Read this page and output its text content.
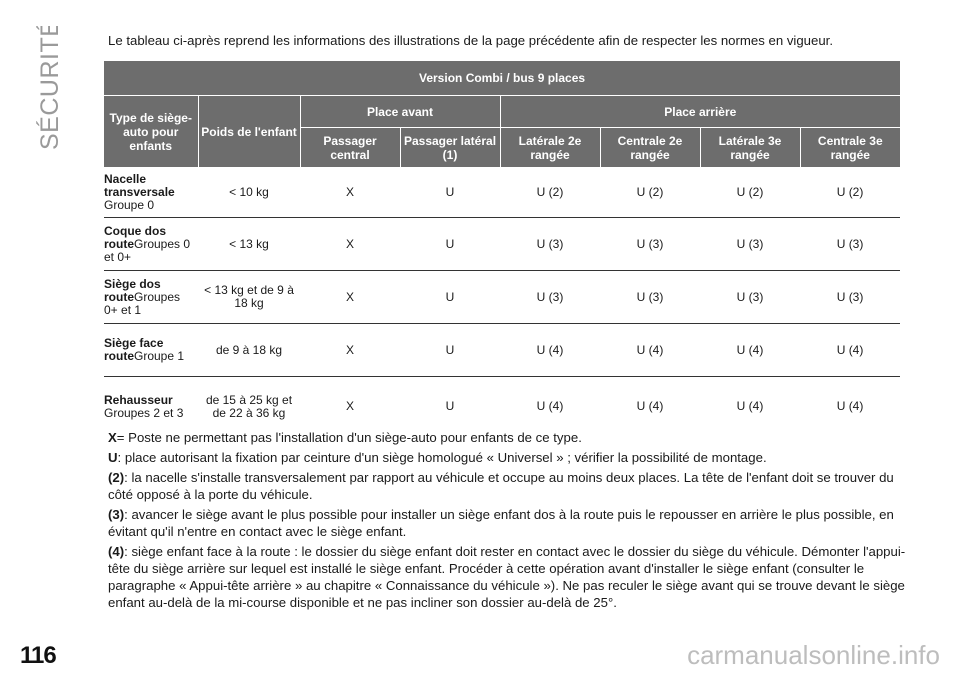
SÉCURITÉ	Le tableau ci-après reprend les informations des illustrations de la page précédente afin de respecter les normes en vigueur.
Version Combi / bus 9 places							
Type de siège-auto pour enfants	Poids de l'enfant	Place avant		Place arrière			
		Passager central	Passager latéral (1)	Latérale 2e rangée	Centrale 2e rangée	Latérale 3e rangée	Centrale 3e rangée
Nacelle transversale
Groupe 0	< 10 kg	X	U	U (2)	U (2)	U (2)	U (2)
Coque dos routeGroupes 0 et 0+	< 13 kg	X	U	U (3)	U (3)	U (3)	U (3)
Siège dos routeGroupes 0+ et 1	< 13 kg et de 9 à 18 kg	X	U	U (3)	U (3)	U (3)	U (3)
Siège face routeGroupe 1	de 9 à 18 kg	X	U	U (4)	U (4)	U (4)	U (4)
Rehausseur
Groupes 2 et 3	de 15 à 25 kg et de 22 à 36 kg	X	U	U (4)	U (4)	U (4)	U (4)

X= Poste ne permettant pas l'installation d'un siège-auto pour enfants de ce type.

U: place autorisant la fixation par ceinture d'un siège homologué « Universel » ; vérifier la possibilité de montage.

(2): la nacelle s'installe transversalement par rapport au véhicule et occupe au moins deux places. La tête de l'enfant doit se trouver du côté opposé à la porte du véhicule.

(3): avancer le siège avant le plus possible pour installer un siège enfant dos à la route puis le repousser en arrière le plus possible, en évitant qu'il n'entre en contact avec le siège enfant.

(4): siège enfant face à la route : le dossier du siège enfant doit rester en contact avec le dossier du siège du véhicule. Démonter l'appui-tête du siège arrière sur lequel est installé le siège enfant. Procéder à cette opération avant d'installer le siège enfant (consulter le paragraphe « Appui-tête arrière » au chapitre « Connaissance du véhicule »). Ne pas reculer le siège avant qui se trouve devant le siège enfant au-delà de la mi-course disponible et ne pas incliner son dossier au-delà de 25°.

116	carmanualsonline.info
